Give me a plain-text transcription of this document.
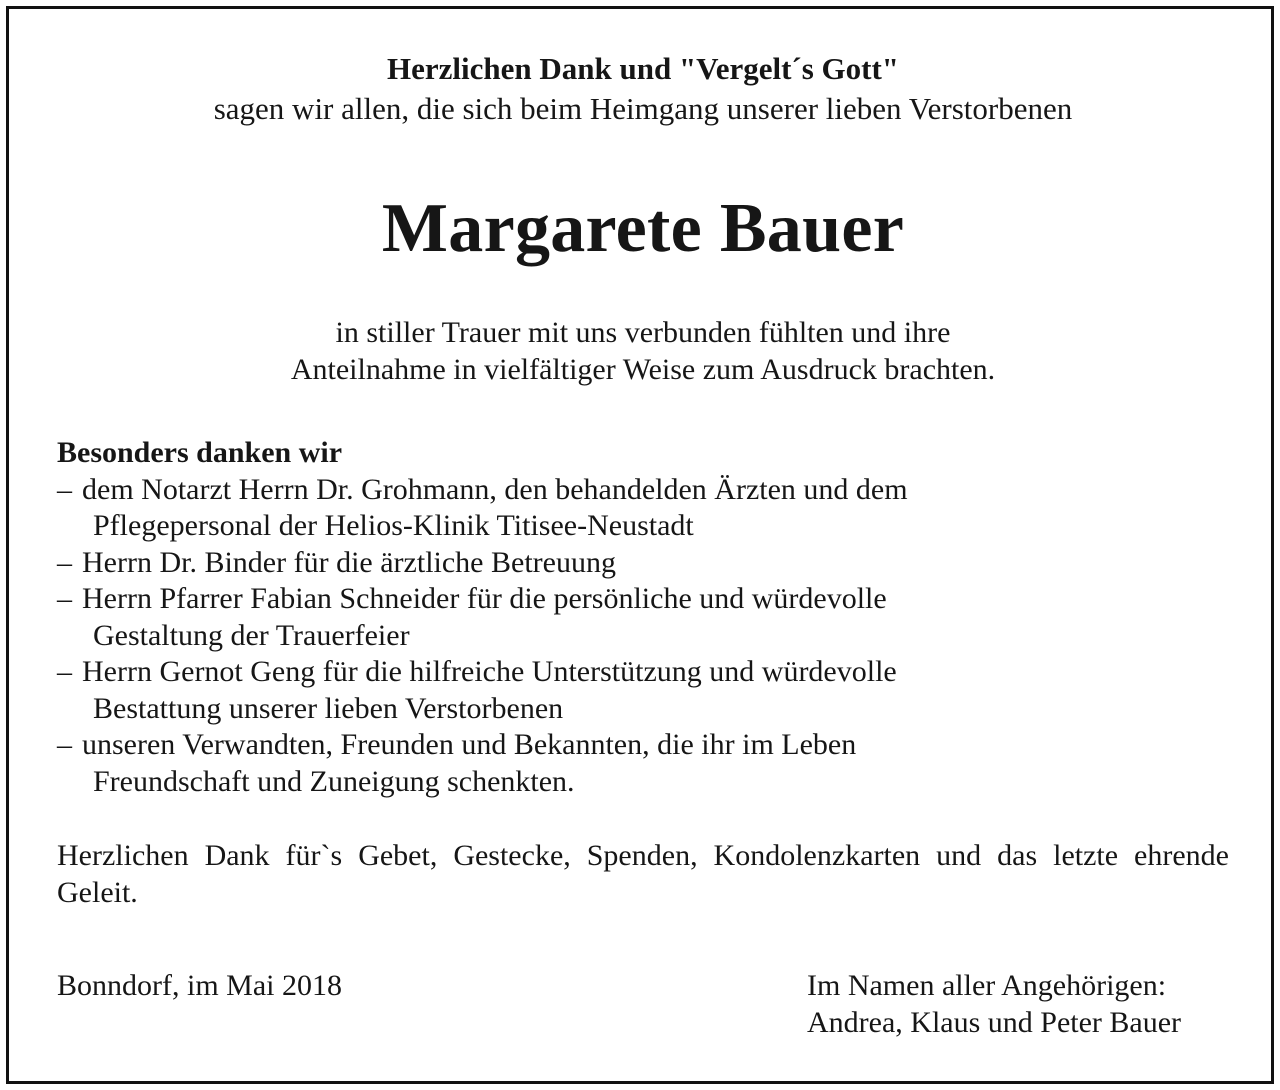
Herzlichen Dank und "Vergelt´s Gott"
sagen wir allen, die sich beim Heimgang unserer lieben Verstorbenen
Margarete Bauer
in stiller Trauer mit uns verbunden fühlten und ihre
Anteilnahme in vielfältiger Weise zum Ausdruck brachten.
Besonders danken wir
– dem Notarzt Herrn Dr. Grohmann, den behandelden Ärzten und dem
Pflegepersonal der Helios-Klinik Titisee-Neustadt
– Herrn Dr. Binder für die ärztliche Betreuung
– Herrn Pfarrer Fabian Schneider für die persönliche und würdevolle
Gestaltung der Trauerfeier
– Herrn Gernot Geng für die hilfreiche Unterstützung und würdevolle
Bestattung unserer lieben Verstorbenen
– unseren Verwandten, Freunden und Bekannten, die ihr im Leben
Freundschaft und Zuneigung schenkten.
Herzlichen Dank für`s Gebet, Gestecke, Spenden, Kondolenzkarten und das letzte ehrende Geleit.
Bonndorf, im Mai 2018	Im Namen aller Angehörigen:
Andrea, Klaus und Peter Bauer
